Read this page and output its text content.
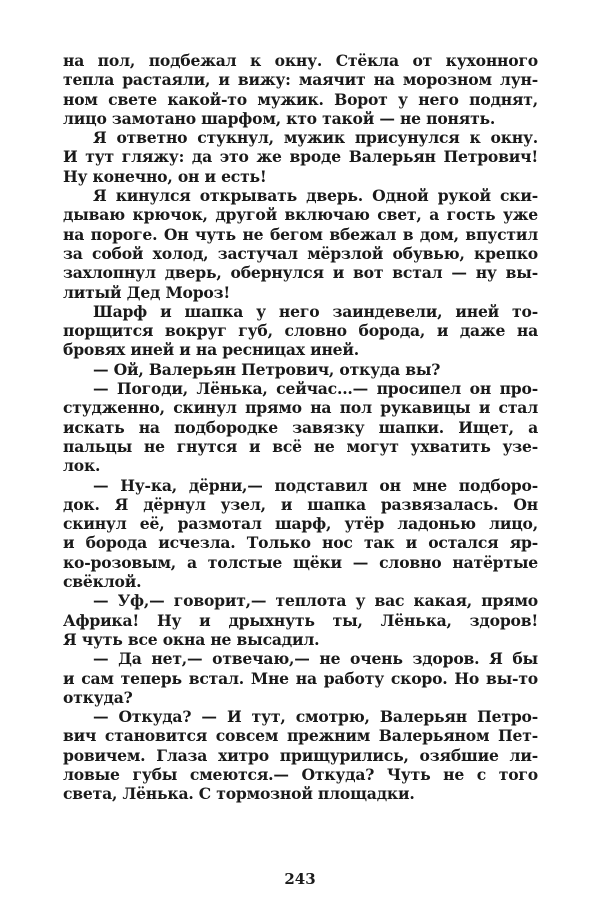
на пол, подбежал к окну. Стёкла от кухонного
тепла растаяли, и вижу: маячит на морозном лун-
ном свете какой-то мужик. Ворот у него поднят,
лицо замотано шарфом, кто такой — не понять.
Я ответно стукнул, мужик присунулся к окну.
И тут гляжу: да это же вроде Валерьян Петрович!
Ну конечно, он и есть!
Я кинулся открывать дверь. Одной рукой ски-
дываю крючок, другой включаю свет, а гость уже
на пороге. Он чуть не бегом вбежал в дом, впустил
за собой холод, застучал мёрзлой обувью, крепко
захлопнул дверь, обернулся и вот встал — ну вы-
литый Дед Мороз!
Шарф и шапка у него заиндевели, иней то-
порщится вокруг губ, словно борода, и даже на
бровях иней и на ресницах иней.
— Ой, Валерьян Петрович, откуда вы?
— Погоди, Лёнька, сейчас...— просипел он про-
студженно, скинул прямо на пол рукавицы и стал
искать на подбородке завязку шапки. Ищет, а
пальцы не гнутся и всё не могут ухватить узе-
лок.
— Ну-ка, дёрни,— подставил он мне подборо-
док. Я дёрнул узел, и шапка развязалась. Он
скинул её, размотал шарф, утёр ладонью лицо,
и борода исчезла. Только нос так и остался яр-
ко-розовым, а толстые щёки — словно натёртые
свёклой.
— Уф,— говорит,— теплота у вас какая, прямо
Африка! Ну и дрыхнуть ты, Лёнька, здоров!
Я чуть все окна не высадил.
— Да нет,— отвечаю,— не очень здоров. Я бы
и сам теперь встал. Мне на работу скоро. Но вы-то
откуда?
— Откуда? — И тут, смотрю, Валерьян Петро-
вич становится совсем прежним Валерьяном Пет-
ровичем. Глаза хитро прищурились, озябшие ли-
ловые губы смеются.— Откуда? Чуть не с того
света, Лёнька. С тормозной площадки.
243
